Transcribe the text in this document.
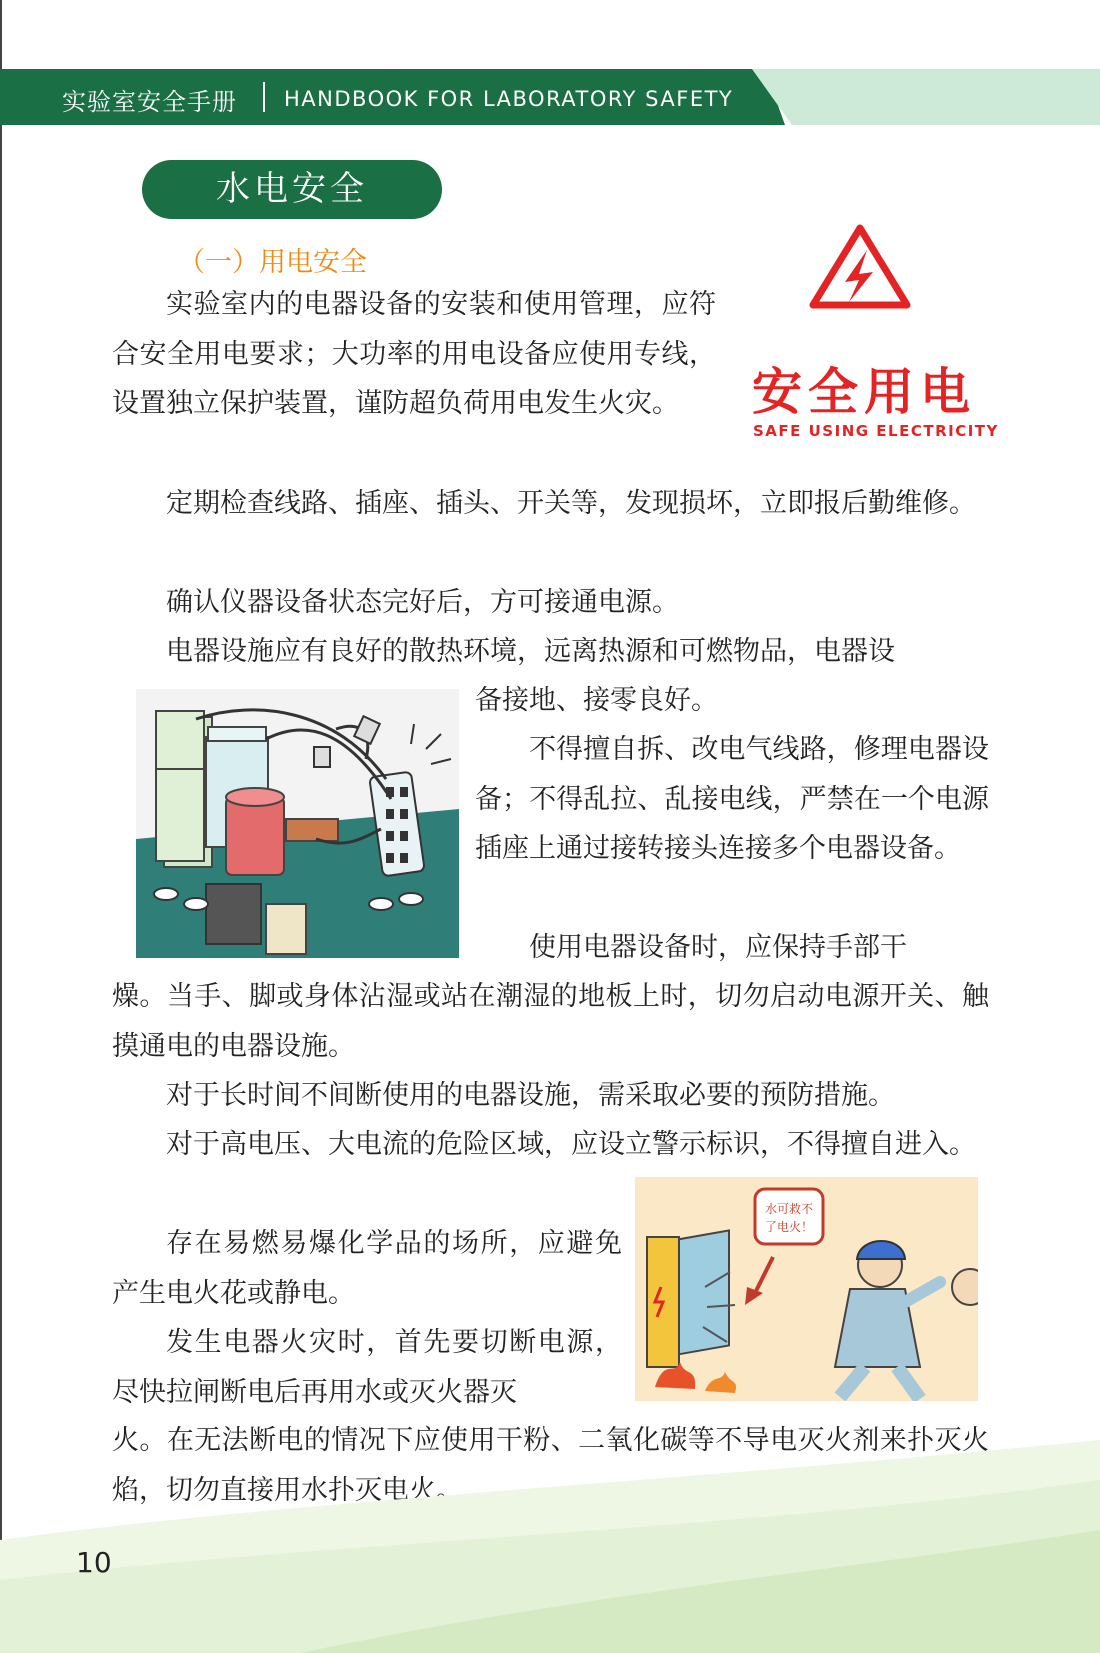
实验室安全手册 HANDBOOK FOR LABORATORY SAFETY
水电安全
（一）用电安全
安全用电
SAFE USING ELECTRICITY

实验室内的电器设备的安装和使用管理，应符合安全用电要求；大功率的用电设备应使用专线，设置独立保护装置，谨防超负荷用电发生火灾。

定期检查线路、插座、插头、开关等，发现损坏，立即报后勤维修。

确认仪器设备状态完好后，方可接通电源。

电器设施应有良好的散热环境，远离热源和可燃物品，电器设

备接地、接零良好。

不得擅自拆、改电气线路，修理电器设备；不得乱拉、乱接电线，严禁在一个电源插座上通过接转接头连接多个电器设备。

使用电器设备时，应保持手部干

燥。当手、脚或身体沾湿或站在潮湿的地板上时，切勿启动电源开关、触摸通电的电器设施。

对于长时间不间断使用的电器设施，需采取必要的预防措施。

对于高电压、大电流的危险区域，应设立警示标识，不得擅自进入。

存在易燃易爆化学品的场所，应避免产生电火花或静电。

发生电器火灾时，首先要切断电源，尽快拉闸断电后再用水或灭火器灭

火。在无法断电的情况下应使用干粉、二氧化碳等不导电灭火剂来扑灭火焰，切勿直接用水扑灭电火。

水可救不
了电火！
10
